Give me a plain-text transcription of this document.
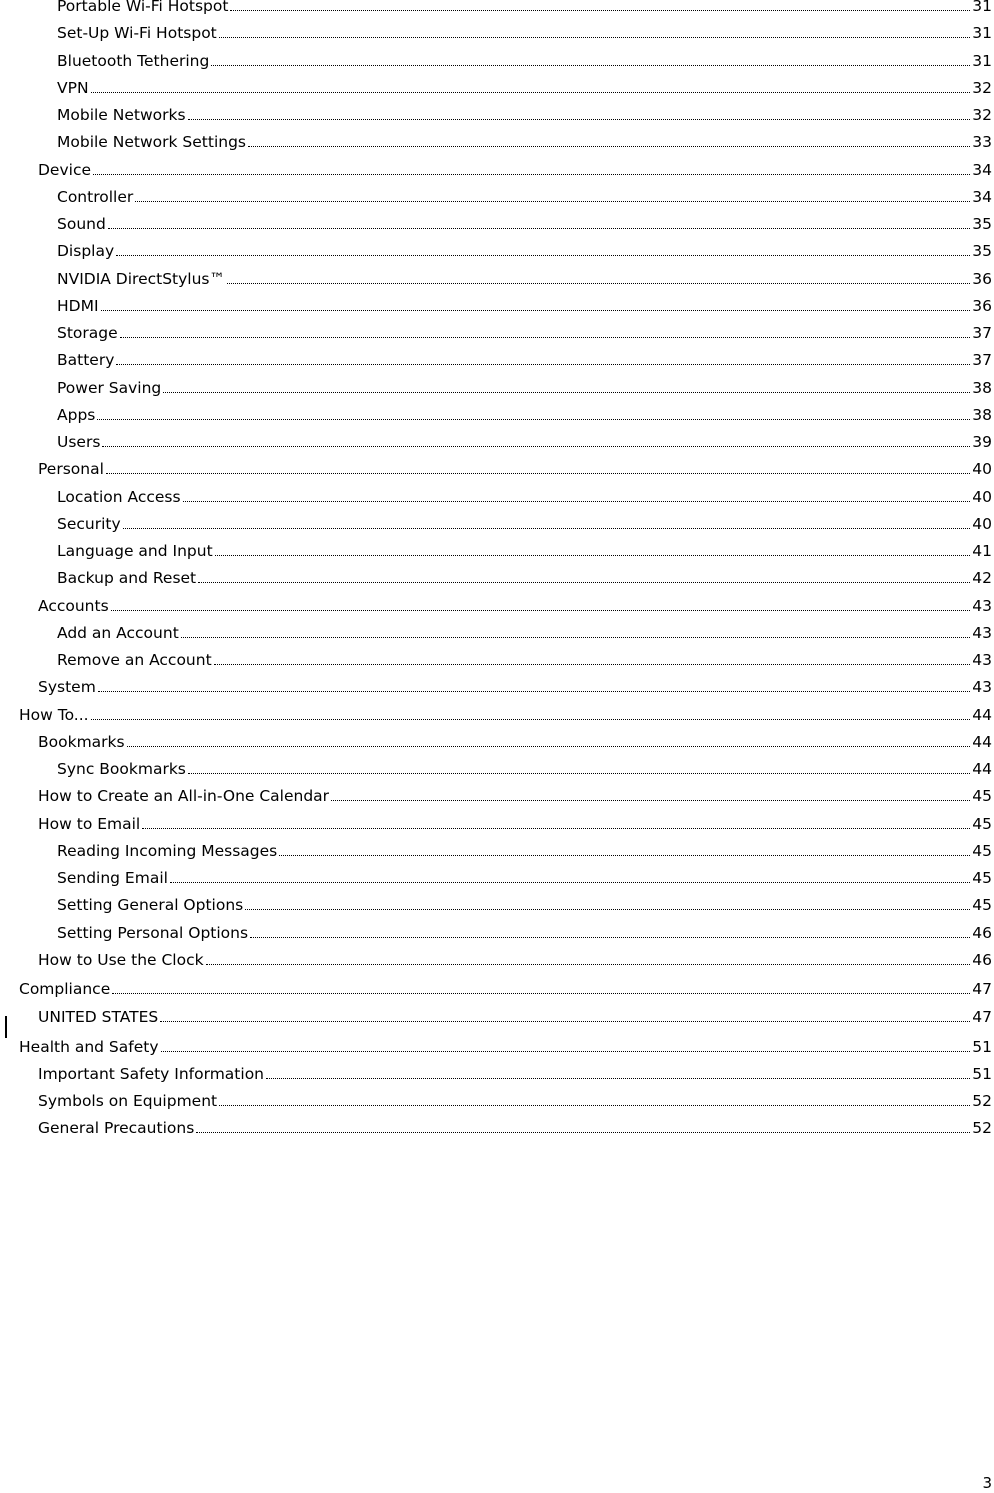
Portable Wi-Fi Hotspot	31
Set-Up Wi-Fi Hotspot	31
Bluetooth Tethering	31
VPN	32
Mobile Networks	32
Mobile Network Settings	33
Device	34
Controller	34
Sound	35
Display	35
NVIDIA DirectStylus™	36
HDMI	36
Storage	37
Battery	37
Power Saving	38
Apps	38
Users	39
Personal	40
Location Access	40
Security	40
Language and Input	41
Backup and Reset	42
Accounts	43
Add an Account	43
Remove an Account	43
System	43
How To...	44
Bookmarks	44
Sync Bookmarks	44
How to Create an All-in-One Calendar	45
How to Email	45
Reading Incoming Messages	45
Sending Email	45
Setting General Options	45
Setting Personal Options	46
How to Use the Clock	46
Compliance	47
UNITED STATES	47
Health and Safety	51
Important Safety Information	51
Symbols on Equipment	52
General Precautions	52
3
